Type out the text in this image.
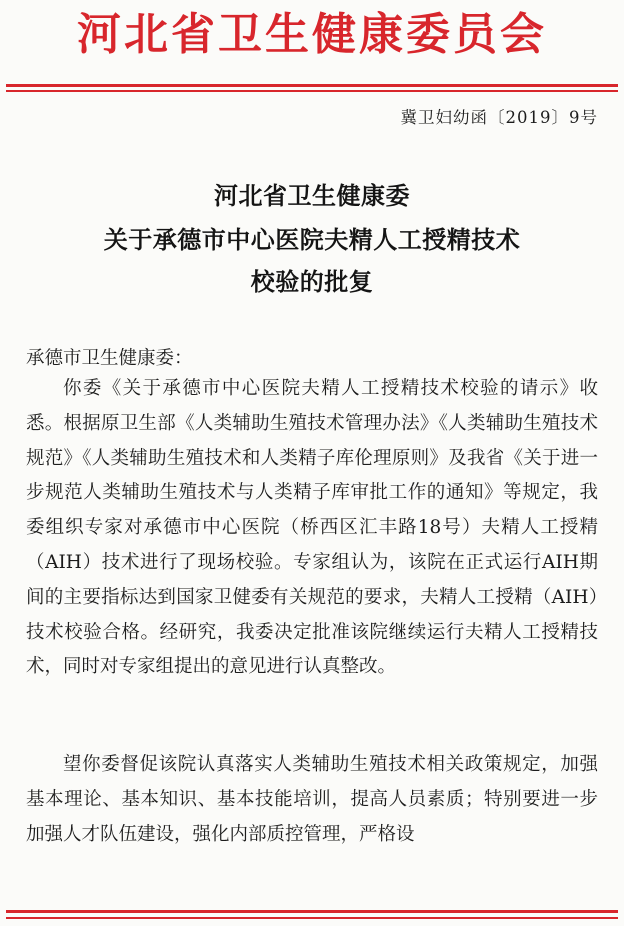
河北省卫生健康委员会
冀卫妇幼函〔2019〕9号
河北省卫生健康委
关于承德市中心医院夫精人工授精技术
校验的批复
承德市卫生健康委：
你委《关于承德市中心医院夫精人工授精技术校验的请示》收悉。根据原卫生部《人类辅助生殖技术管理办法》《人类辅助生殖技术规范》《人类辅助生殖技术和人类精子库伦理原则》及我省《关于进一步规范人类辅助生殖技术与人类精子库审批工作的通知》等规定，我委组织专家对承德市中心医院（桥西区汇丰路18号）夫精人工授精（AIH）技术进行了现场校验。专家组认为，该院在正式运行AIH期间的主要指标达到国家卫健委有关规范的要求，夫精人工授精（AIH）技术校验合格。经研究，我委决定批准该院继续运行夫精人工授精技术，同时对专家组提出的意见进行认真整改。
望你委督促该院认真落实人类辅助生殖技术相关政策规定，加强基本理论、基本知识、基本技能培训，提高人员素质；特别要进一步加强人才队伍建设，强化内部质控管理，严格设
